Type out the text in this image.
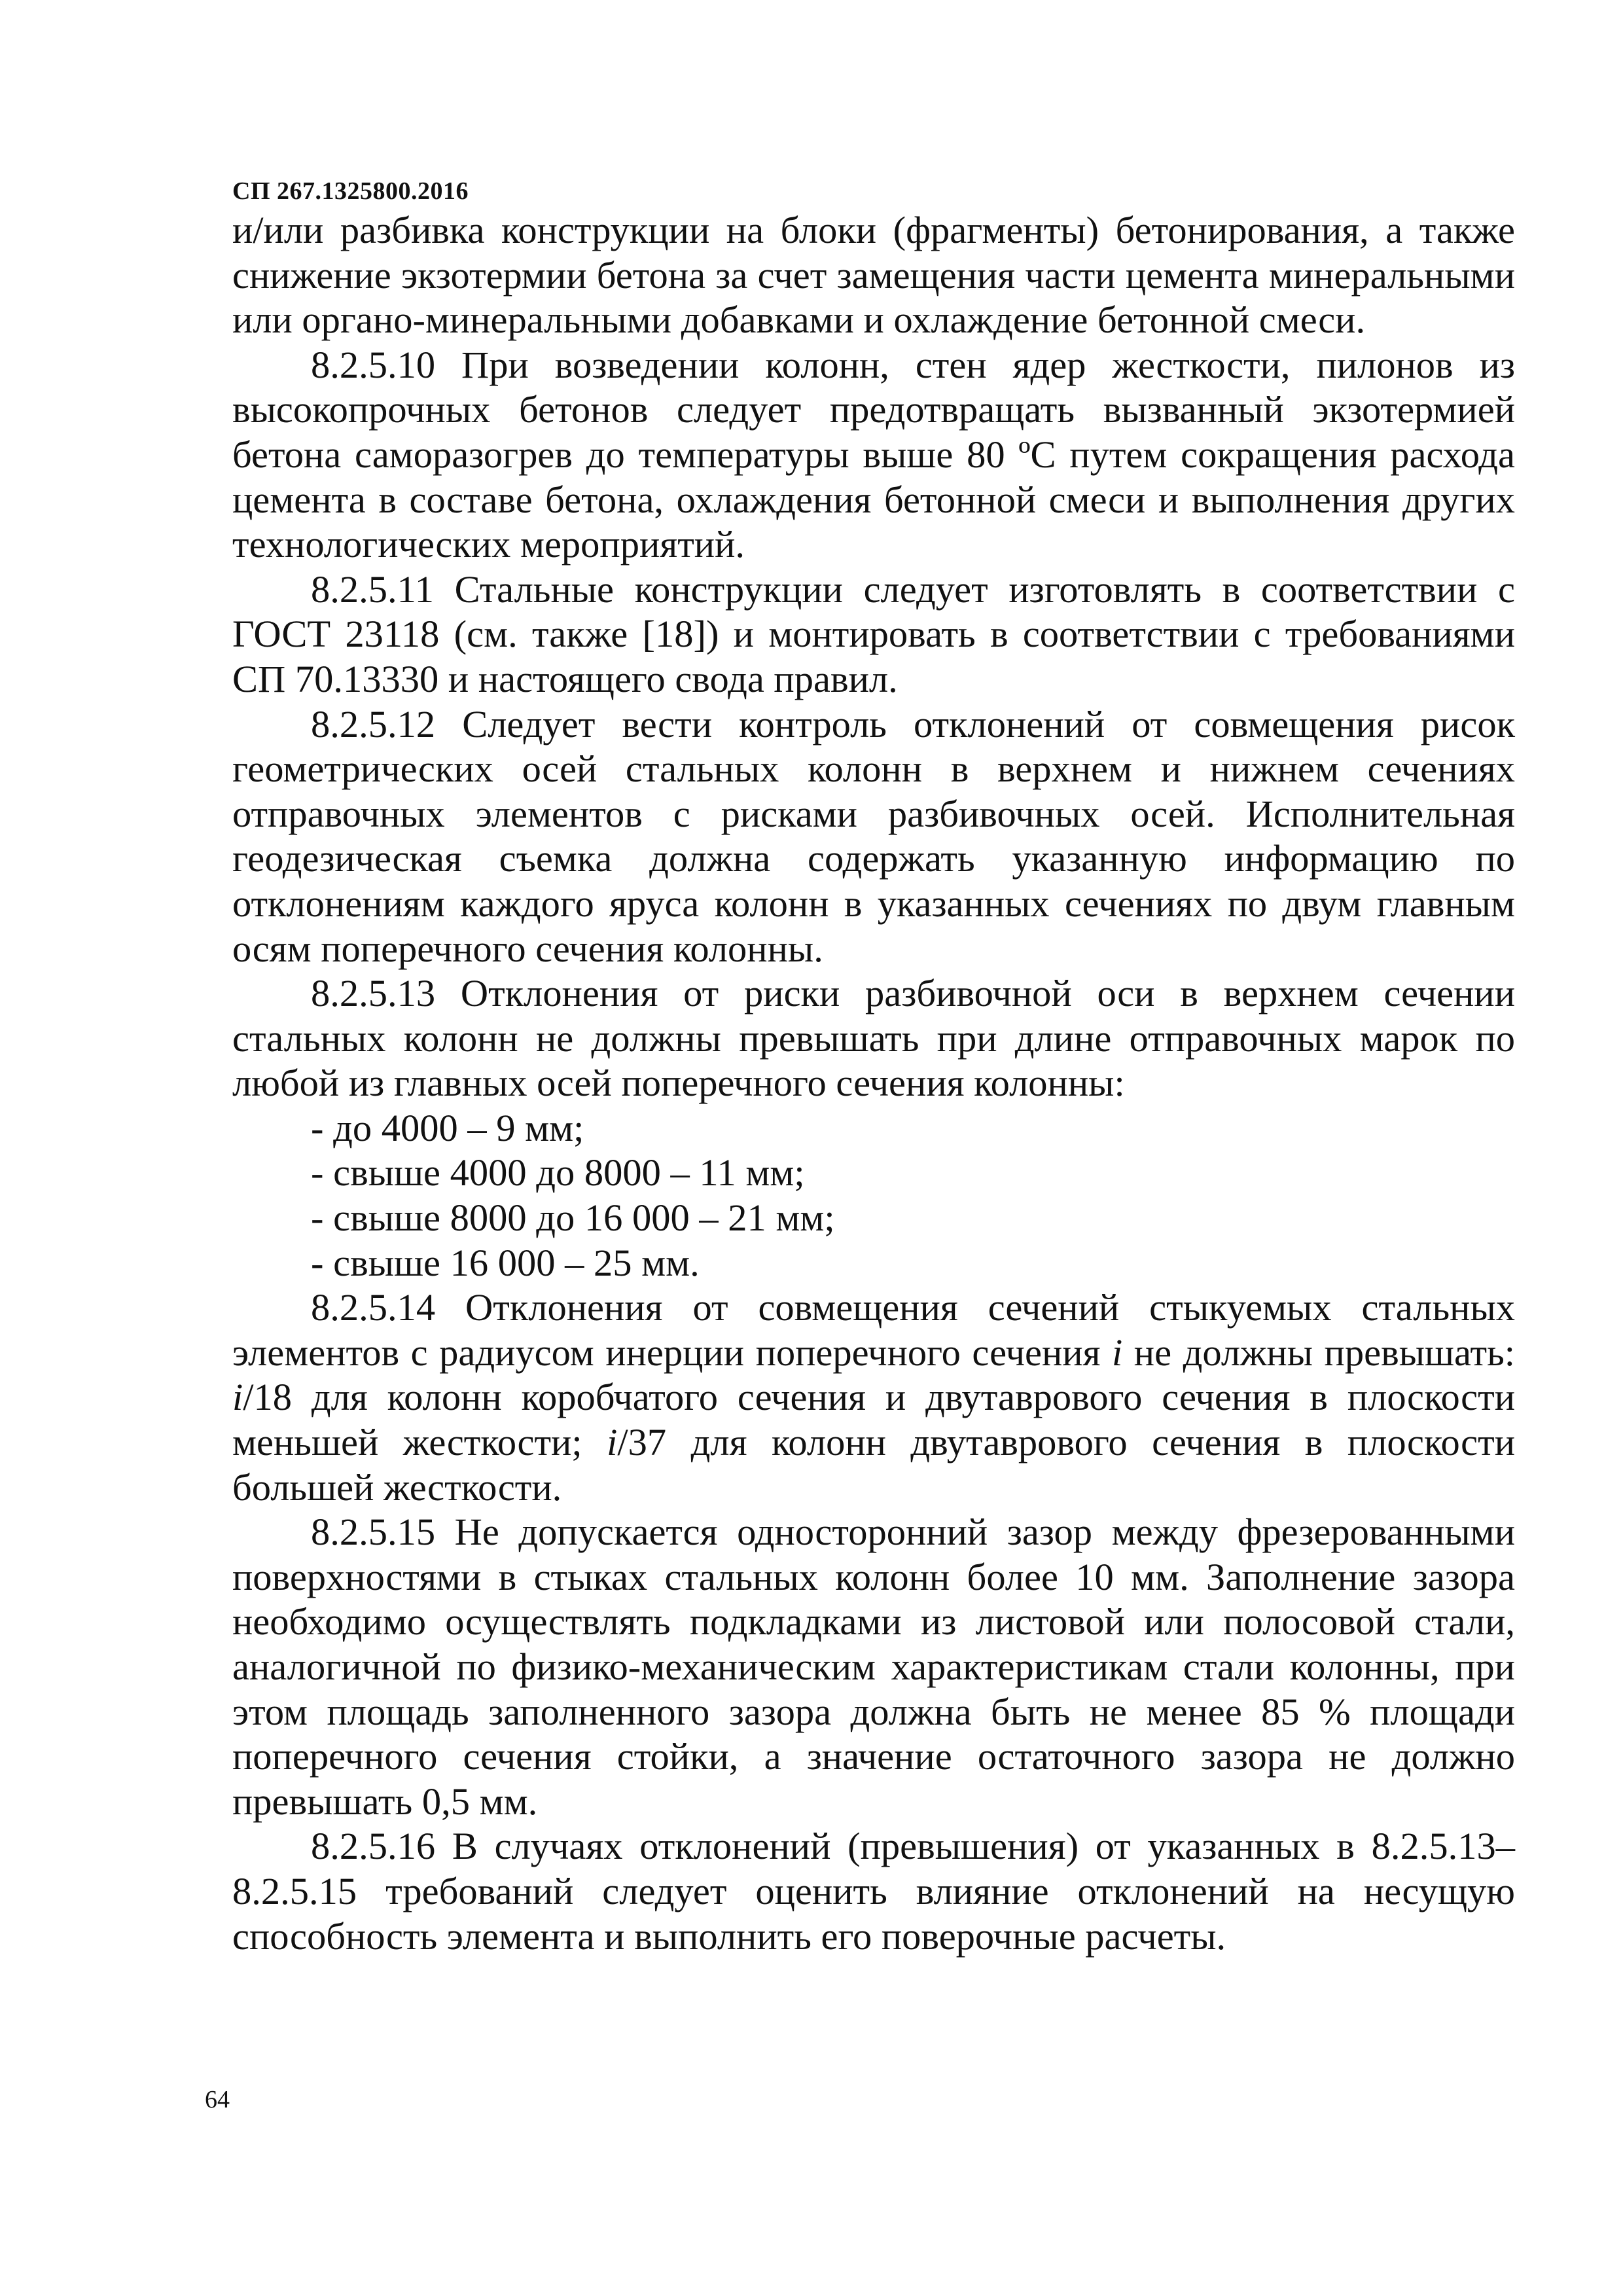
СП 267.1325800.2016

и/или разбивка конструкции на блоки (фрагменты) бетонирования, а также снижение экзотермии бетона за счет замещения части цемента минеральными или органо-минеральными добавками и охлаждение бетонной смеси.

8.2.5.10 При возведении колонн, стен ядер жесткости, пилонов из высокопрочных бетонов следует предотвращать вызванный экзотермией бетона саморазогрев до температуры выше 80 ºС путем сокращения расхода цемента в составе бетона, охлаждения бетонной смеси и выполнения других технологических мероприятий.

8.2.5.11 Стальные конструкции следует изготовлять в соответствии с ГОСТ 23118 (см. также [18]) и монтировать в соответствии с требованиями СП 70.13330 и настоящего свода правил.

8.2.5.12 Следует вести контроль отклонений от совмещения рисок геометрических осей стальных колонн в верхнем и нижнем сечениях отправочных элементов с рисками разбивочных осей. Исполнительная геодезическая съемка должна содержать указанную информацию по отклонениям каждого яруса колонн в указанных сечениях по двум главным осям поперечного сечения колонны.

8.2.5.13 Отклонения от риски разбивочной оси в верхнем сечении стальных колонн не должны превышать при длине отправочных марок по любой из главных осей поперечного сечения колонны:

- до 4000 – 9 мм;

- свыше 4000 до 8000 – 11 мм;

- свыше 8000 до 16 000 – 21 мм;

- свыше 16 000 – 25 мм.

8.2.5.14 Отклонения от совмещения сечений стыкуемых стальных элементов с радиусом инерции поперечного сечения i не должны превышать: i/18 для колонн коробчатого сечения и двутаврового сечения в плоскости меньшей жесткости; i/37 для колонн двутаврового сечения в плоскости большей жесткости.

8.2.5.15 Не допускается односторонний зазор между фрезерованными поверхностями в стыках стальных колонн более 10 мм. Заполнение зазора необходимо осуществлять подкладками из листовой или полосовой стали, аналогичной по физико-механическим характеристикам стали колонны, при этом площадь заполненного зазора должна быть не менее 85 % площади поперечного сечения стойки, а значение остаточного зазора не должно превышать 0,5 мм.

8.2.5.16 В случаях отклонений (превышения) от указанных в 8.2.5.13–8.2.5.15 требований следует оценить влияние отклонений на несущую способность элемента и выполнить его поверочные расчеты.

64
